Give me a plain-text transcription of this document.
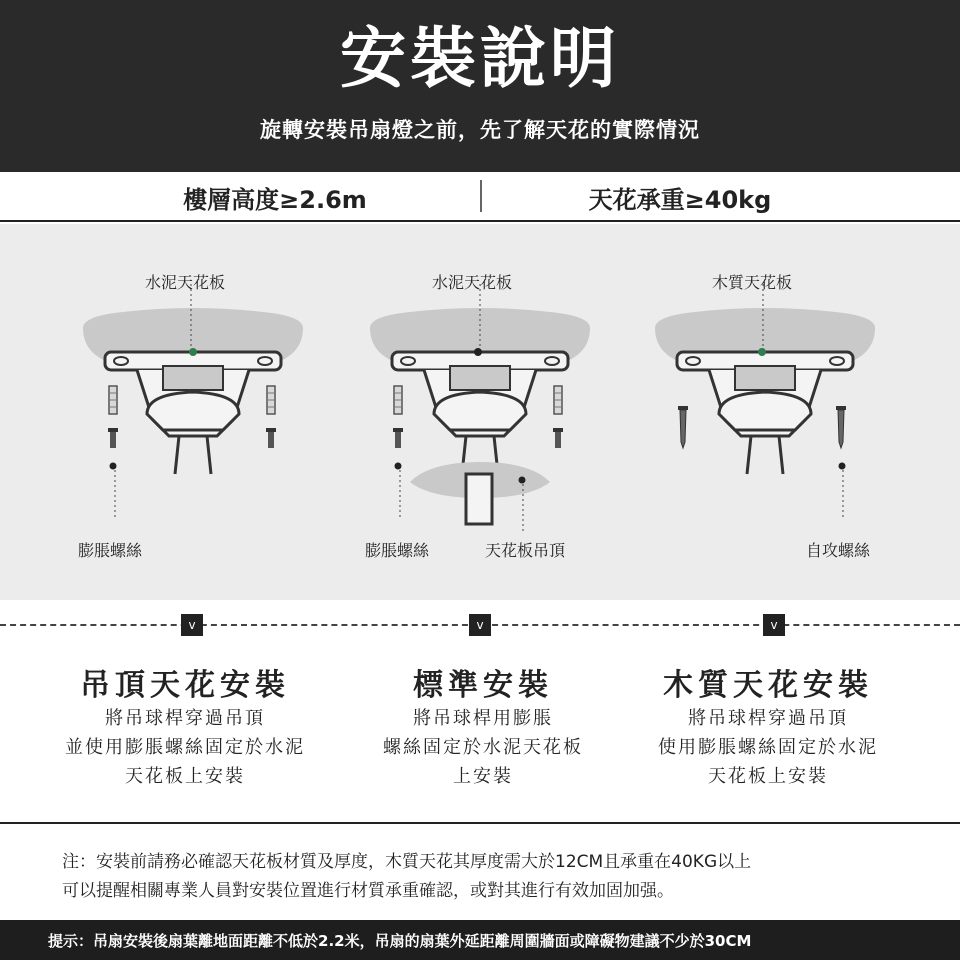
安裝說明
旋轉安裝吊扇燈之前，先了解天花的實際情況
樓層高度≥2.6m	天花承重≥40kg
水泥天花板
膨脹螺絲
水泥天花板
膨脹螺絲	天花板吊頂
木質天花板
自攻螺絲
v	v	v
吊頂天花安裝
將吊球桿穿過吊頂
並使用膨脹螺絲固定於水泥
天花板上安裝
標準安裝
將吊球桿用膨脹
螺絲固定於水泥天花板
上安裝
木質天花安裝
將吊球桿穿過吊頂
使用膨脹螺絲固定於水泥
天花板上安裝
注：安裝前請務必確認天花板材質及厚度，木質天花其厚度需大於12CM且承重在40KG以上
可以提醒相關專業人員對安裝位置進行材質承重確認，或對其進行有效加固加强。
提示：吊扇安裝後扇葉離地面距離不低於2.2米，吊扇的扇葉外延距離周圍牆面或障礙物建議不少於30CM
